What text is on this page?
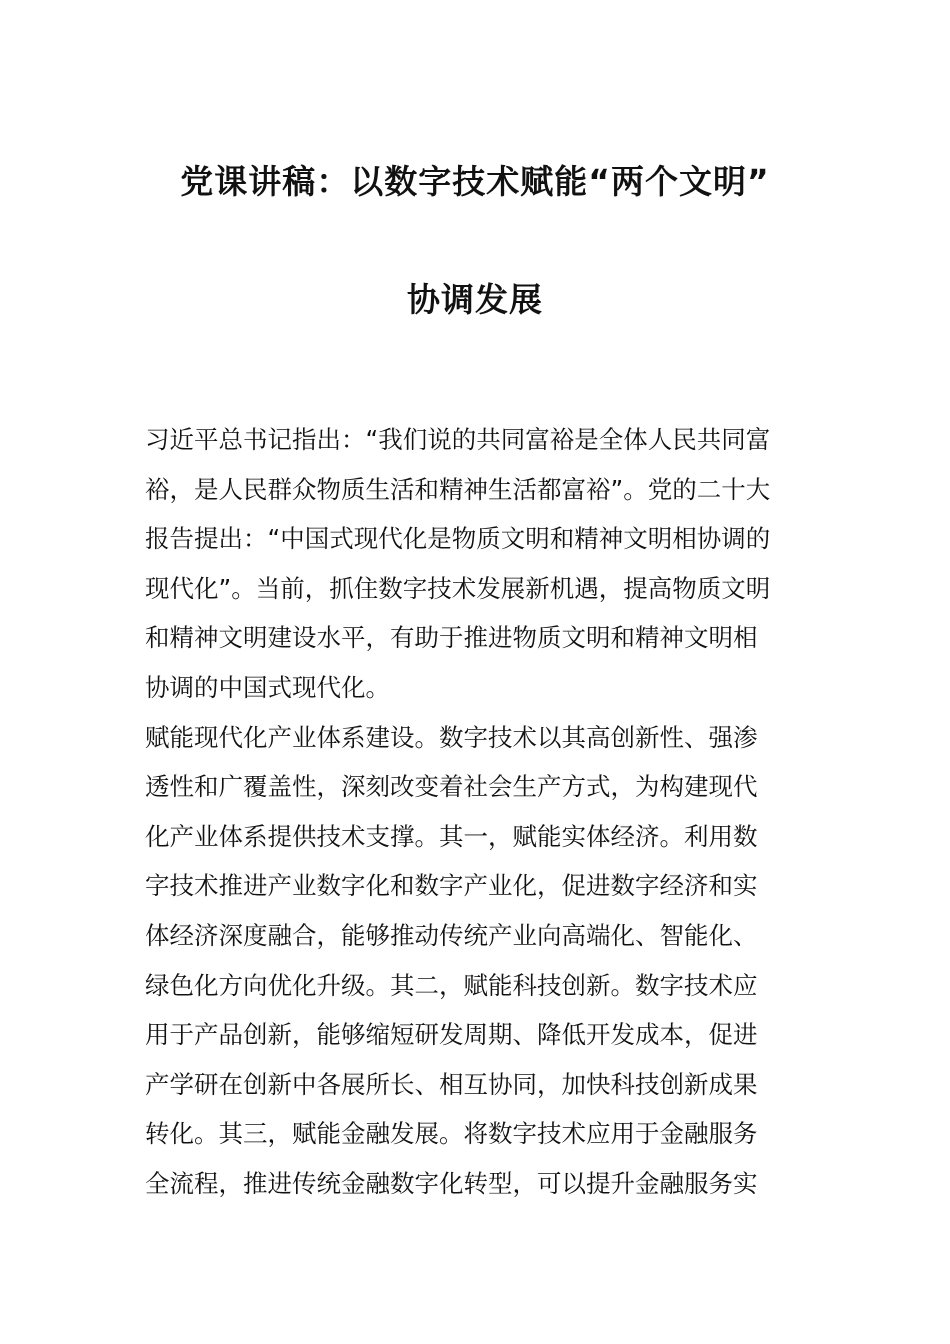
党课讲稿：以数字技术赋能“两个文明”
协调发展

习近平总书记指出：“我们说的共同富裕是全体人民共同富
裕，是人民群众物质生活和精神生活都富裕”。党的二十大
报告提出：“中国式现代化是物质文明和精神文明相协调的
现代化”。当前，抓住数字技术发展新机遇，提高物质文明
和精神文明建设水平，有助于推进物质文明和精神文明相
协调的中国式现代化。

赋能现代化产业体系建设。数字技术以其高创新性、强渗
透性和广覆盖性，深刻改变着社会生产方式，为构建现代
化产业体系提供技术支撑。其一，赋能实体经济。利用数
字技术推进产业数字化和数字产业化，促进数字经济和实
体经济深度融合，能够推动传统产业向高端化、智能化、
绿色化方向优化升级。其二，赋能科技创新。数字技术应
用于产品创新，能够缩短研发周期、降低开发成本，促进
产学研在创新中各展所长、相互协同，加快科技创新成果
转化。其三，赋能金融发展。将数字技术应用于金融服务
全流程，推进传统金融数字化转型，可以提升金融服务实
